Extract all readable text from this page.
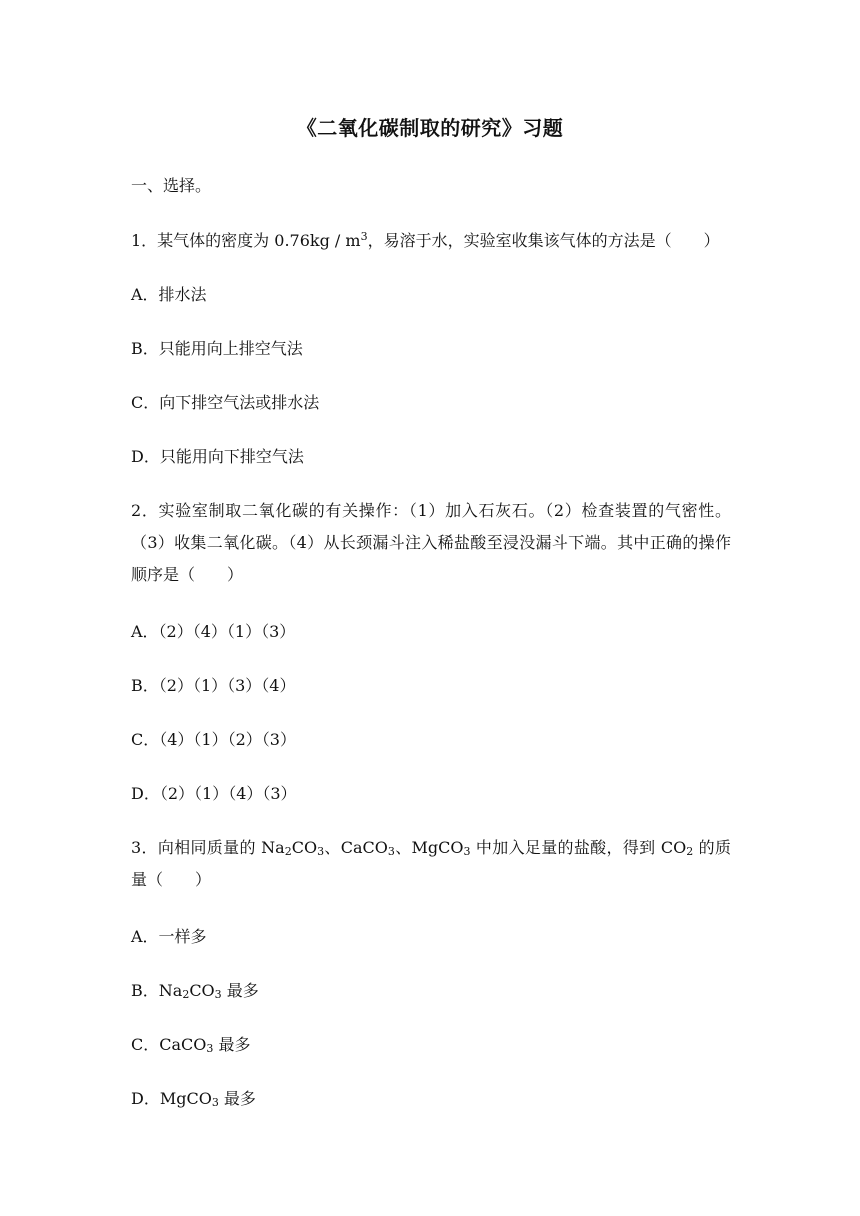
《二氧化碳制取的研究》习题
一、选择。
1．某气体的密度为 $0.76kg / m^3$，易溶于水，实验室收集该气体的方法是（　　）
A．排水法
B．只能用向上排空气法
C．向下排空气法或排水法
D．只能用向下排空气法
2．实验室制取二氧化碳的有关操作：（1）加入石灰石。（2）检查装置的气密性。（3）收集二氧化碳。（4）从长颈漏斗注入稀盐酸至浸没漏斗下端。其中正确的操作顺序是（　　）
A．（2）（4）（1）（3）
B．（2）（1）（3）（4）
C．（4）（1）（2）（3）
D．（2）（1）（4）（3）
3．向相同质量的 $Na_2CO_3$、CaCO$_3$、MgCO$_3$ 中加入足量的盐酸，得到 $CO_2$ 的质量（　　）
A．一样多
B．$Na_2CO_3$ 最多
C．CaCO$_3$ 最多
D．MgCO$_3$ 最多
